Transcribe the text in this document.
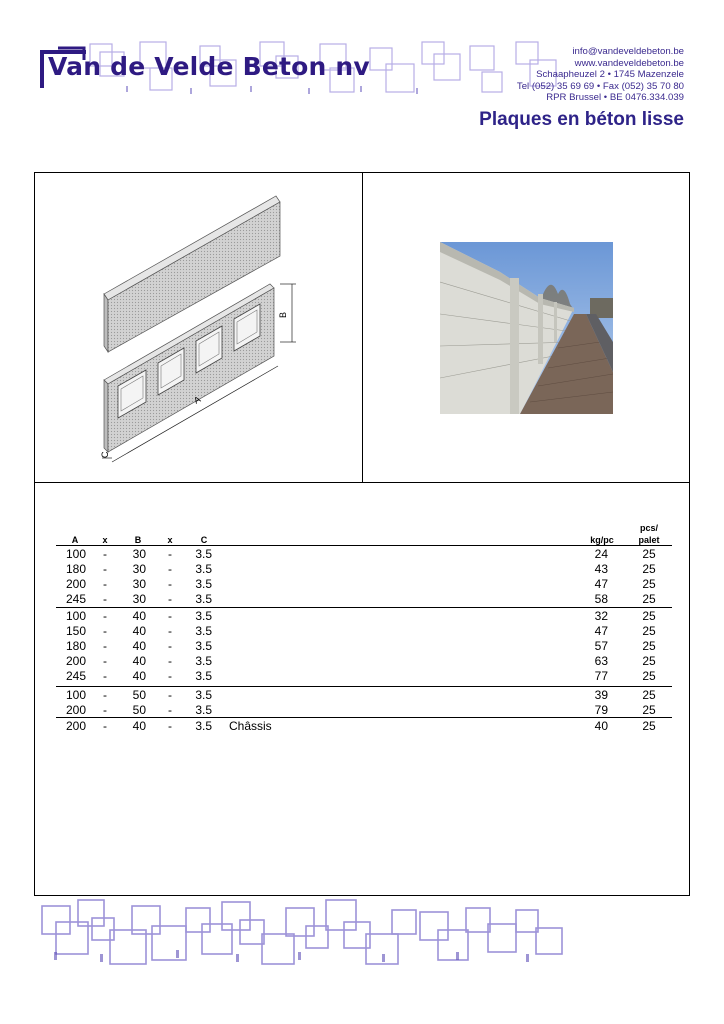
Van de Velde Beton nv
info@vandeveldebeton.be
www.vandeveldebeton.be
Schaapheuzel 2 • 1745 Mazenzele
Tel (052) 35 69 69 • Fax (052) 35 70 80
RPR Brussel • BE 0476.334.039
Plaques en béton lisse
B
A
C
A	x	B	x	C	kg/pc
pcs/
palet
100	-	30	-	3.5	24	25
180	-	30	-	3.5	43	25
200	-	30	-	3.5	47	25
245	-	30	-	3.5	58	25
100	-	40	-	3.5	32	25
150	-	40	-	3.5	47	25
180	-	40	-	3.5	57	25
200	-	40	-	3.5	63	25
245	-	40	-	3.5	77	25
100	-	50	-	3.5	39	25
200	-	50	-	3.5	79	25
200	-	40	-	3.5 Châssis	40	25
